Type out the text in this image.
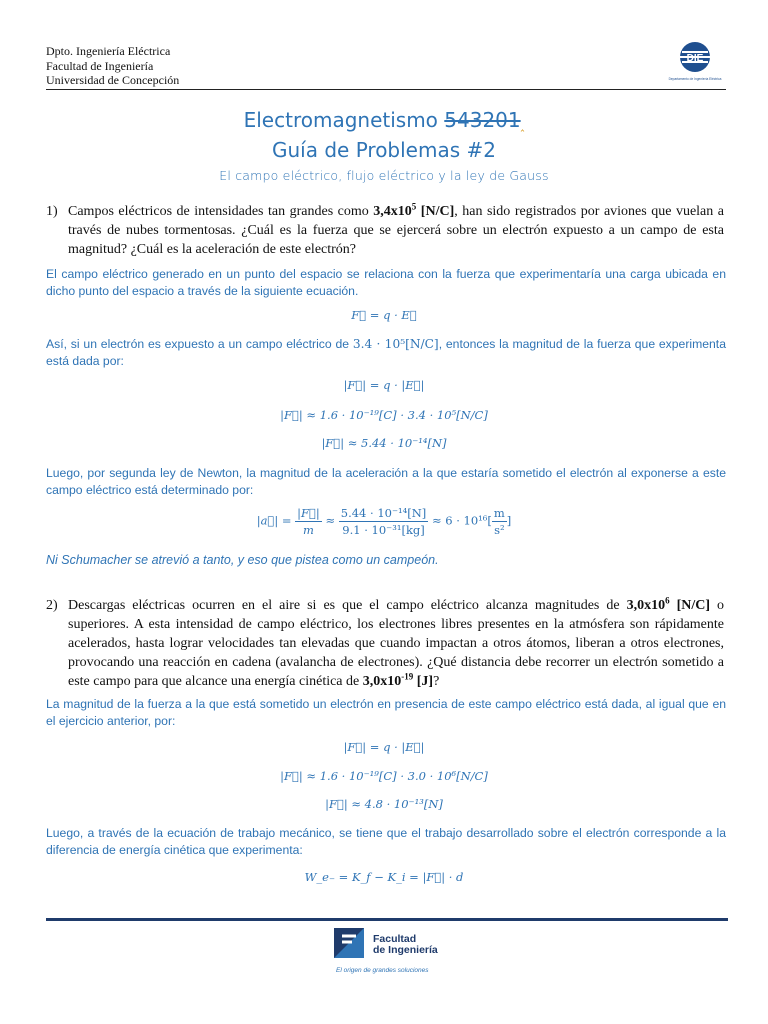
Dpto. Ingeniería Eléctrica
Facultad de Ingeniería
Universidad de Concepción
DIE
Departamento de Ingeniería Eléctrica
Electromagnetismo 543201‸
Guía de Problemas #2
El campo eléctrico, flujo eléctrico y la ley de Gauss
1) Campos eléctricos de intensidades tan grandes como $3,4x10^5$ [N/C], han sido registrados por aviones que vuelan a través de nubes tormentosas. ¿Cuál es la fuerza que se ejercerá sobre un electrón expuesto a un campo de esta magnitud? ¿Cuál es la aceleración de este electrón?
El campo eléctrico generado en un punto del espacio se relaciona con la fuerza que experimentaría una carga ubicada en dicho punto del espacio a través de la siguiente ecuación.
F⃗ = q · E⃗
Así, si un electrón es expuesto a un campo eléctrico de 3.4 · 10⁵[N/C], entonces la magnitud de la fuerza que experimenta está dada por:
|F⃗| = q · |E⃗|
|F⃗| ≈ 1.6 · 10⁻¹⁹[C] · 3.4 · 10⁵[N/C]
|F⃗| ≈ 5.44 · 10⁻¹⁴[N]
Luego, por segunda ley de Newton, la magnitud de la aceleración a la que estaría sometido el electrón al exponerse a este campo eléctrico está determinado por:
|a⃗| = $\frac{|F⃗|}{m} \approx \frac{\text{5.44 · 10⁻¹⁴[N]}}{\text{9.1 · 10⁻³¹[kg]}} \approx 6 \cdot 10^{16}[ \frac{m}{\text{s²}}$ ]
Ni Schumacher se atrevió a tanto, y eso que pistea como un campeón.
2) Descargas eléctricas ocurren en el aire si es que el campo eléctrico alcanza magnitudes de $3,0x10^6$ [N/C] o superiores. A esta intensidad de campo eléctrico, los electrones libres presentes en la atmósfera son rápidamente acelerados, hasta lograr velocidades tan elevadas que cuando impactan a otros átomos, liberan a otros electrones, provocando una reacción en cadena (avalancha de electrones). ¿Qué distancia debe recorrer un electrón sometido a este campo para que alcance una energía cinética de $3,0x10^{-19}$ [J]?
La magnitud de la fuerza a la que está sometido un electrón en presencia de este campo eléctrico está dada, al igual que en el ejercicio anterior, por:
|F⃗| = q · |E⃗|
|F⃗| ≈ 1.6 · 10⁻¹⁹[C] · 3.0 · 10⁶[N/C]
|F⃗| ≈ 4.8 · 10⁻¹³[N]
Luego, a través de la ecuación de trabajo mecánico, se tiene que el trabajo desarrollado sobre el electrón corresponde a la diferencia de energía cinética que experimenta:
W_e₋ = K_f − K_i = |F⃗| · d
Facultad
de Ingeniería
El origen de grandes soluciones
